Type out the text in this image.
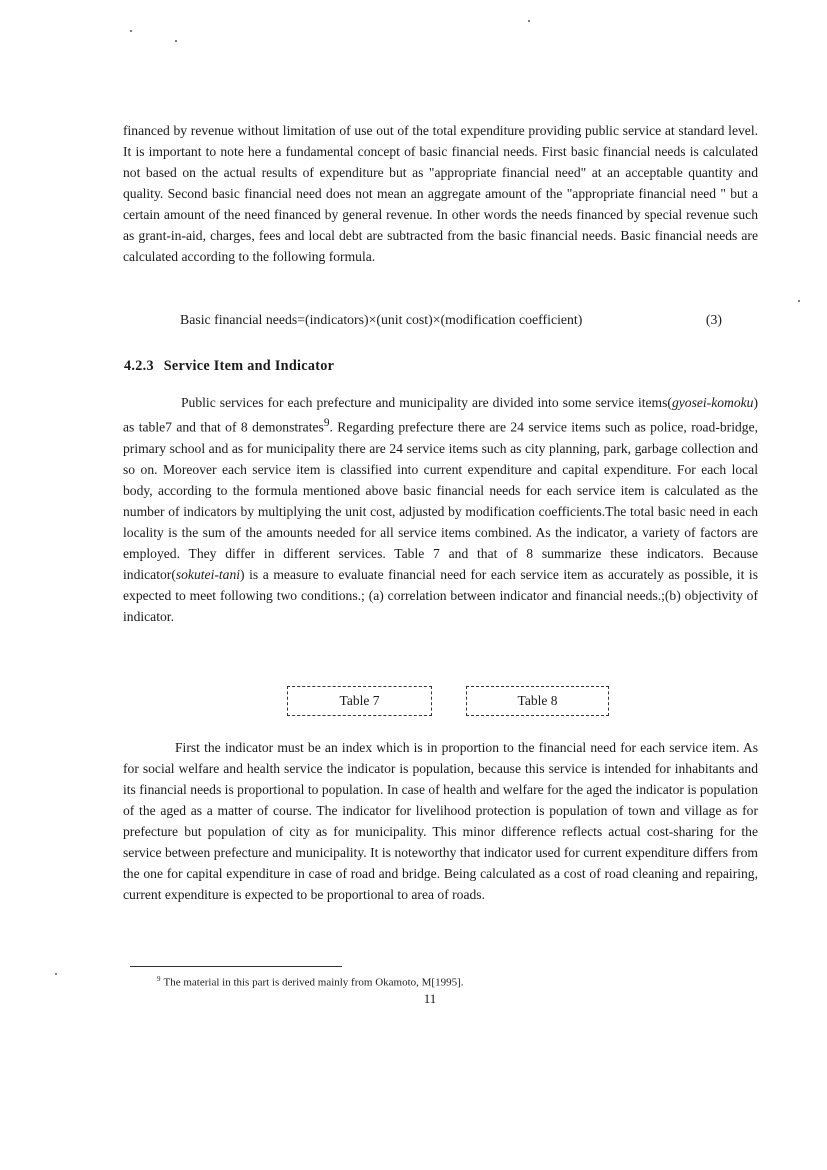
financed by revenue without limitation of use out of the total expenditure providing public service at standard level. It is important to note here a fundamental concept of basic financial needs. First basic financial needs is calculated not based on the actual results of expenditure but as "appropriate financial need" at an acceptable quantity and quality. Second basic financial need does not mean an aggregate amount of the "appropriate financial need " but a certain amount of the need financed by general revenue. In other words the needs financed by special revenue such as grant-in-aid, charges, fees and local debt are subtracted from the basic financial needs. Basic financial needs are calculated according to the following formula.

Basic financial needs=(indicators)×(unit cost)×(modification coefficient)	(3)
4.2.3 Service Item and Indicator

Public services for each prefecture and municipality are divided into some service items(gyosei-komoku) as table7 and that of 8 demonstrates$^9$. Regarding prefecture there are 24 service items such as police, road-bridge, primary school and as for municipality there are 24 service items such as city planning, park, garbage collection and so on. Moreover each service item is classified into current expenditure and capital expenditure. For each local body, according to the formula mentioned above basic financial needs for each service item is calculated as the number of indicators by multiplying the unit cost, adjusted by modification coefficients.The total basic need in each locality is the sum of the amounts needed for all service items combined. As the indicator, a variety of factors are employed. They differ in different services. Table 7 and that of 8 summarize these indicators. Because indicator(sokutei-tani) is a measure to evaluate financial need for each service item as accurately as possible, it is expected to meet following two conditions.; (a) correlation between indicator and financial needs.;(b) objectivity of indicator.

Table 7	Table 8

First the indicator must be an index which is in proportion to the financial need for each service item. As for social welfare and health service the indicator is population, because this service is intended for inhabitants and its financial needs is proportional to population. In case of health and welfare for the aged the indicator is population of the aged as a matter of course. The indicator for livelihood protection is population of town and village as for prefecture but population of city as for municipality. This minor difference reflects actual cost-sharing for the service between prefecture and municipality. It is noteworthy that indicator used for current expenditure differs from the one for capital expenditure in case of road and bridge. Being calculated as a cost of road cleaning and repairing, current expenditure is expected to be proportional to area of roads.

$^9$ The material in this part is derived mainly from Okamoto, M[1995].

11
